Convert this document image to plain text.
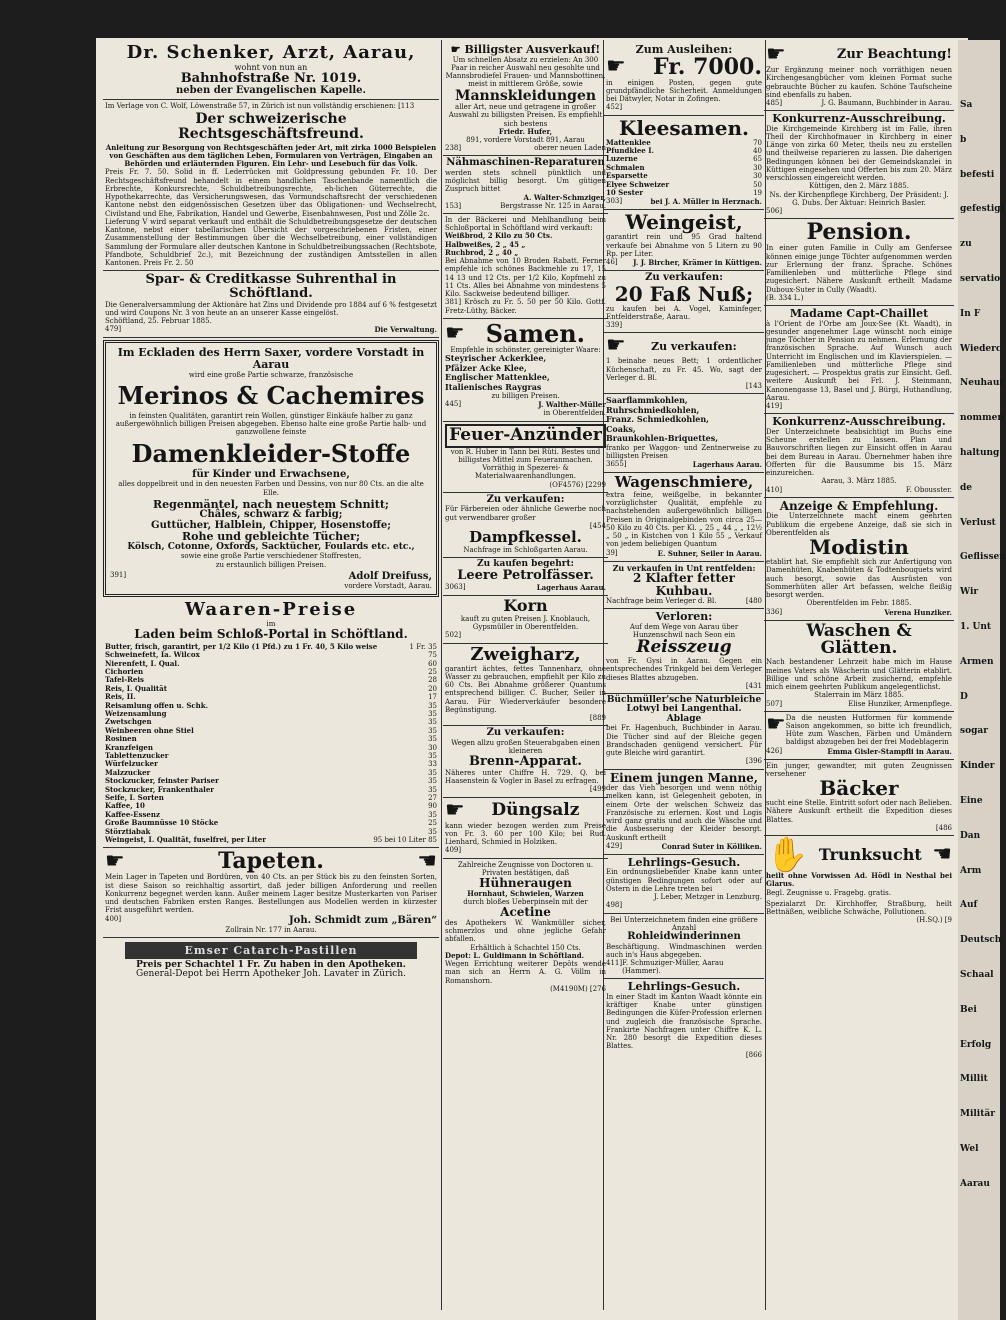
Sa
b
befesti
gefestigt
zu
servatio
In F
Wiederc
Neuhauf
nommen
haltung
de
Verlust
Geflissen
Wir
1. Unt
Armen
D
sogar
Kinder
Eine
Dan
Arm
Auf
Deutsch
Schaal
Bei
Erfolg
Millit
Militär
Wel
Aarau
Dr. Schenker, Arzt, Aarau,
wohnt von nun an
Bahnhofstraße Nr. 1019.
neben der Evangelischen Kapelle.
Im Verlage von C. Wolf, Löwenstraße 57, in Zürich ist nun vollständig erschienen: [113
Der schweizerische Rechtsgeschäftsfreund.
Anleitung zur Besorgung von Rechtsgeschäften jeder Art, mit zirka 1000 Beispielen von Geschäften aus dem täglichen Leben, Formularen von Verträgen, Eingaben an Behörden und erläuternden Figuren. Ein Lehr- und Lesebuch für das Volk.
Preis Fr. 7. 50. Solid in ff. Lederrücken mit Goldpressung gebunden Fr. 10. Der Rechtsgeschäftsfreund behandelt in einem handlichen Taschenbande namentlich die Erbrechte, Konkursrechte, Schuldbetreibungsrechte, eh-lichen Güterrechte, die Hypothekarrechte, das Versicherungswesen, das Vormundschaftsrecht der verschiedenen Kantone nebst den eidgenössischen Gesetzen über das Obligationen- und Wechselrecht, Civilstand und Ehe, Fabrikation, Handel und Gewerbe, Eisenbahnwesen, Post und Zölle 2c.
Lieferung V wird separat verkauft und enthält die Schuldbetreibungsgesetze der deutschen Kantone, nebst einer tabellarischen Übersicht der vorgeschriebenen Fristen, einer Zusammenstellung der Bestimmungen über die Wechselbetreibung, einer vollständigen Sammlung der Formulare aller deutschen Kantone in Schuldbetreibungssachen (Rechtsbote, Pfandbote, Schuldbrief 2c.), mit Bezeichnung der zuständigen Amtsstellen in allen Kantonen. Preis Fr. 2. 50
Spar- & Creditkasse Suhrenthal in Schöftland.
Die Generalversammlung der Aktionäre hat Zins und Dividende pro 1884 auf 6 % festgesetzt und wird Coupons Nr. 3 von heute an an unserer Kasse eingelöst.
Schöftland, 25. Februar 1885.
479]	Die Verwaltung.
Im Eckladen des Herrn Saxer, vordere Vorstadt in Aarau
wird eine große Partie schwarze, französische
Merinos & Cachemires
in feinsten Qualitäten, garantirt rein Wollen, günstiger Einkäufe halber zu ganz außergewöhnlich billigen Preisen abgegeben. Ebenso halte eine große Partie halb- und ganzwollene feinste
Damenkleider-Stoffe
für Kinder und Erwachsene,
alles doppelbreit und in den neuesten Farben und Dessins, von nur 80 Cts. an die alte Elle.
Regenmäntel, nach neuestem Schnitt;
Châles, schwarz & farbig;
Guttücher, Halblein, Chipper, Hosenstoffe;
Rohe und gebleichte Tücher;
Kölsch, Cotonne, Oxfords, Sacktücher, Foulards etc. etc.,
sowie eine große Partie verschiedener Stoffresten,
zu erstaunlich billigen Preisen.
391]	Adolf Dreifuss,
vordere Vorstadt, Aarau.
Waaren-Preise
im
Laden beim Schloß-Portal in Schöftland.
Butter, frisch, garantirt, per 1/2 Kilo (1 Pfd.) zu 1 Fr. 40, 5 Kilo weise	1 Fr. 35
Schweinefett, Ia. Wilcox	75
Nierenfett, I. Qual.	60
Cichorien	25
Tafel-Reis	28
Reis, I. Qualität	20
Reis, II.	17
Reisamlung offen u. Schk.	35
Weizensamlung	35
Zwetschgen	35
Weinbeeren ohne Stiel	35
Rosinen	35
Kranzfeigen	30
Tablettenzucker	35
Würfelzucker	33
Malzzucker	35
Stockzucker, feinster Pariser	35
Stockzucker, Frankenthaler	35
Seife, I. Sorten	27
Kaffee, 10	90
Kaffee-Essenz	35
Große Baumnüsse 10 Stöcke	25
Störztiabak	35
Weingeist, I. Qualität, fuselfrei, per Liter	95 bei 10 Liter 85
☛	Tapeten.	☚
Mein Lager in Tapeten und Bordüren, von 40 Cts. an per Stück bis zu den feinsten Sorten, ist diese Saison so reichhaltig assortirt, daß jeder billigen Anforderung und reellen Konkurrenz begegnet werden kann. Außer meinem Lager besitze Musterkarten von Pariser und deutschen Fabriken ersten Ranges. Bestellungen aus Modellen werden in kürzester Frist ausgeführt werden.
400]	Joh. Schmidt zum „Bären“
Zollrain Nr. 177 in Aarau.
Emser Catarch-Pastillen
Preis per Schachtel 1 Fr. Zu haben in den Apotheken.
General-Depot bei Herrn Apotheker Joh. Lavater in Zürich.
☛ Billigster Ausverkauf!
Um schnellen Absatz zu erzielen: An 300 Paar in reicher Auswahl neu gesohlte und Mannsbrodiefel Frauen- und Mannsbottinen, meist in mittlerem Größe, sowie
Mannskleidungen
aller Art, neue und getragene in großer Auswahl zu billigsten Preisen. Es empfiehlt sich bestens
Friedr. Hufer,
891, vordere Vorstadt 891, Aarau
238]	oberer neuen Laden
Nähmaschinen-Reparaturen
werden stets schnell pünktlich und möglichst billig besorgt. Um gütigen Zuspruch bittet
A. Walter-Schmziger,
153]	Bergstrasse Nr. 125 in Aarau.
In der Bäckerei und Mehlhandlung beim Schloßportal in Schöftland wird verkauft:
Weißbrod, 2 Kilo zu 50 Cts.
Halbweißes, 2 „ 45 „
Ruchbrod, 2 „ 40 „
Bei Abnahme von 10 Broden Rabatt. Ferner empfehle ich schönes Backmehle zu 17, 15 14 13 und 12 Cts. per 1/2 Kilo, Kopfmehl zu 11 Cts. Alles bei Abnahme von mindestens 5 Kilo. Sackweise bedeutend billiger.
381] Krösch zu Fr. 5. 50 per 50 Kilo. Gottf. Fretz-Lüthy, Bäcker.
☛ Samen.
Empfehle in schönster, gereinigter Waare:
Steyrischer Ackerklee,
Pfälzer Acke Klee,
Englischer Mattenklee,
Italienisches Raygras
zu billigen Preisen.
445]	J. Walther-Müller
in Oberentfelden.
Feuer-Anzünder
von R. Huber in Tann bei Rüti. Bestes und billigstes Mittel zum Feueranmachen. Vorräthig in Spezerei- & Materialwaarenhandlungen.
(OF4576) [2299
Zu verkaufen:
Für Färbereien oder ähnliche Gewerbe noch gut verwendbarer großer
[454
Dampfkessel.
Nachfrage im Schloßgarten Aarau.
Zu kaufen begehrt:
Leere Petrolfässer.
3063]	Lagerhaus Aarau.
Korn
kauft zu guten Preisen J. Knoblauch, Gypsmüller in Oberentfelden.
502]
Zweigharz,
garantirt ächtes, fettes Tannenharz, ohne Wasser zu gebrauchen, empfiehlt per Kilo zu 60 Cts. Bei Abnahme größerer Quantums entsprechend billiger. C. Bucher, Seiler in Aarau. Für Wiederverkäufer besondere Begünstigung.
[889
Zu verkaufen:
Wegen allzu großen Steuerabgaben einen kleineren
Brenn-Apparat.
Näheres unter Chiffre H. 729. Q. bei Haasenstein & Vogler in Basel zu erfragen.
[499
☛ Düngsalz
kann wieder bezogen werden zum Preise von Fr. 3. 60 per 100 Kilo; bei Rud. Lienhard, Schmied in Holziken.
409]
Zahlreiche Zeugnisse von Doctoren u. Privaten bestätigen, daß
Hühneraugen
Hornhaut, Schwielen, Warzen
durch bloßes Ueberpinseln mit der
Acetine
des Apothekers W. Wankmüller sicher, schmerzlos und ohne jegliche Gefahr abfallen.
Erhältlich à Schachtel 150 Cts.
Depot: L. Guldimann in Schöftland.
Wegen Errichtung weiterer Depôts wende man sich an Herrn A. G. Völlm in Romanshorn.
(M4190M) [276
Zum Ausleihen:
☛ Fr. 7000.
in einigen Posten, gegen gute grundpfändliche Sicherheit. Anmeldungen bei Dätwyler, Notar in Zofingen.
452]
Kleesamen.
Mattenklee	70
Pfundklee I.	40
Luzerne	65
Schmalen	30
Esparsette	30
Elyee Schweizer	50
10 Sester	19
303]	bei J. A. Müller in Herznach.
Weingeist,
garantirt rein und 95 Grad haltend verkaufe bei Abnahme von 5 Litern zu 90 Rp. per Liter.
46] J. J. Bircher, Krämer in Küttigen.
Zu verkaufen:
20 Faß Nuß;
zu kaufen bei A. Vogel, Kaminfeger, Entfelderstraße, Aarau.
339]
☛ Zu verkaufen:
1 beinahe neues Bett; 1 ordentlicher Küchenschaft, zu Fr. 45. Wo, sagt der Verleger d. Bl.
[143
Saarflammkohlen,
Ruhrschmiedkohlen,
Franz. Schmiedkohlen,
Coaks,
Braunkohlen-Briquettes,
franko per Waggon- und Zentnerweise zu billigsten Preisen
3655]	Lagerhaus Aarau.
Wagenschmiere,
extra feine, weißgelbe, in bekannter vorzüglichster Qualität, empfehle zu nachstehenden außergewöhnlich billigen Preisen in Originalgebinden von circa 25—50 Kilo zu 40 Cts. per Kl. „ 25 „ 44 „ „ 12½ „ 50 „ in Kistchen von 1 Kilo 55 „ Verkauf von jedem beliebigen Quantum
39]	E. Suhner, Seiler in Aarau.
Zu verkaufen in Unt rentfelden:
2 Klafter fetter Kuhbau.
Nachfrage beim Verleger d. Bl.	[480
Verloren:
Auf dem Wege von Aarau über Hunzenschwil nach Seon ein
Reisszeug
von Fr. Gysi in Aarau. Gegen ein entsprechendes Trinkgeld bei dem Verleger dieses Blattes abzugeben.
[431
Büchmüller'sche Naturbleiche Lotwyl bei Langenthal.
Ablage
bei Fr. Hagenbuch, Buchbinder in Aarau. Die Tücher sind auf der Bleiche gegen Brandschaden genügend versichert. Für gute Bleiche wird garantirt.
[396
Einem jungen Manne,
der das Vieh besorgen und wenn nöthig melken kann, ist Gelegenheit geboten, in einem Orte der welschen Schweiz das Französische zu erlernen. Kost und Logis wird ganz gratis und auch die Wäsche und die Ausbesserung der Kleider besorgt. Auskunft ertheilt
429]	Conrad Suter in Kölliken.
Lehrlings-Gesuch.
Ein ordnungsliebender Knabe kann unter günstigen Bedingungen sofort oder auf Ostern in die Lehre treten bei
J. Leber, Metzger in Lenzburg.
498]
Bei Unterzeichnetem finden eine größere Anzahl
Rohleidwinderinnen
Beschäftigung. Windmaschinen werden auch in's Haus abgegeben.
411] F. Schmuziger-Müller, Aarau (Hammer).
Lehrlings-Gesuch.
In einer Stadt im Kanton Waadt könnte ein kräftiger Knabe unter günstigen Bedingungen die Küfer-Profession erlernen und zugleich die französische Sprache. Frankirte Nachfragen unter Chiffre K. L. Nr. 280 besorgt die Expedition dieses Blattes.
[866
☛	Zur Beachtung!
Zur Ergänzung meiner noch vorräthigen neuen Kirchengesangbücher vom kleinen Format suche gebrauchte Bücher zu kaufen. Schöne Taufscheine sind ebenfalls zu haben.
485]	J. G. Baumann, Buchbinder in Aarau.
Konkurrenz-Ausschreibung.
Die Kirchgemeinde Kirchberg ist im Falle, ihren Theil der Kirchhofmauer in Kirchberg in einer Länge von zirka 60 Meter, theils neu zu erstellen und theilweise reparieren zu lassen. Die daherigen Bedingungen können bei der Gemeindskanzlei in Küttigen eingesehen und Offerten bis zum 20. März verschlossen eingereicht werden.
Küttigen, den 2. März 1885.
Ns. der Kirchenpflege Kirchberg, Der Präsident: J. G. Dubs. Der Aktuar: Heinrich Basler.
506]
Pension.
In einer guten Familie in Cully am Genfersee können einige junge Töchter aufgenommen werden zur Erlernung der franz. Sprache. Schönes Familienleben und mütterliche Pflege sind zugesichert. Nähere Auskunft ertheilt Madame Duboux-Suter in Cully (Waadt).
(B. 334 L.)
Madame Capt-Chaillet
à l'Orient de l'Orbe am Joux-See (Kt. Waadt), in gesunder angenehmer Lage wünscht noch einige junge Töchter in Pension zu nehmen. Erlernung der französischen Sprache. Auf Wunsch auch Unterricht im Englischen und im Klavierspielen. — Familienleben und mütterliche Pflege sind zugesichert. — Prospektus gratis zur Einsicht. Gefl. weitere Auskunft bei Frl. J. Steinmann, Kanonengasse 13, Basel und J. Bürgi, Huthandlung, Aarau.
419]
Konkurrenz-Ausschreibung.
Der Unterzeichnete beabsichtigt im Buchs eine Scheune erstellen zu lassen. Plan und Bauvorschriften liegen zur Einsicht offen in Aarau bei dem Bureau in Aarau. Übernehmer haben ihre Offerten für die Bausumme bis 15. März einzureichen.
Aarau, 3. März 1885.
410]	F. Obousster.
Anzeige & Empfehlung.
Die Unterzeichnete macht einem geehrten Publikum die ergebene Anzeige, daß sie sich in Oberentfelden als
Modistin
etablirt hat. Sie empfiehlt sich zur Anfertigung von Damenhüten, Knabenhüten & Todtenbouquets wird auch besorgt, sowie das Ausrüsten von Sommerhüten aller Art befassen, welche fleißig besorgt werden.
Oberentfelden im Febr. 1885.
336]	Verena Hunziker.
Waschen & Glätten.
Nach bestandener Lehrzeit habe mich im Hause meines Vaters als Wäscherin und Glätterin etablirt. Billige und schöne Arbeit zusichernd, empfehle mich einem geehrten Publikum angelegentlichst.
Stalerrain im März 1885.
507]	Elise Hunziker, Armenpflege.
☛ Da die neusten Hutformen für kommende Saison angekommen, so bitte ich freundlich, Hüte zum Waschen, Färben und Umändern baldigst abzugeben bei der frei Modeblagerin
426]	Emma Gisler-Stampfli in Aarau.
Ein junger, gewandter, mit guten Zeugnissen versehener
Bäcker
sucht eine Stelle. Eintritt sofort oder nach Belieben. Nähere Auskunft ertheilt die Expedition dieses Blattes.
[486
✋ Trunksucht ☚
heilt ohne Vorwissen Ad. Hödl in Nesthal bei Glarus.
Begl. Zeugnisse u. Fragebg. gratis.
Spezialarzt Dr. Kirchhoffer, Straßburg, heilt Bettnäßen, weibliche Schwäche, Pollutionen.
(H.SQ.) [9
